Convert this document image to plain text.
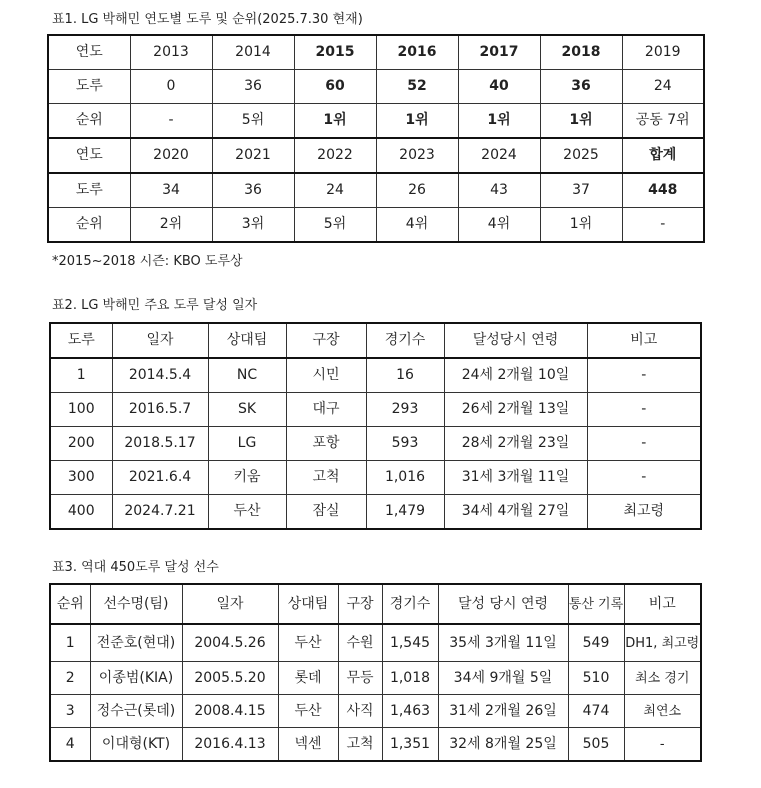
표1. LG 박해민 연도별 도루 및 순위(2025.7.30 현재)
연도	2013	2014	2015	2016	2017	2018	2019
도루	0	36	60	52	40	36	24
순위	-	5위	1위	1위	1위	1위	공동 7위
연도	2020	2021	2022	2023	2024	2025	합계
도루	34	36	24	26	43	37	448
순위	2위	3위	5위	4위	4위	1위	-
*2015~2018 시즌: KBO 도루상
표2. LG 박해민 주요 도루 달성 일자
도루	일자	상대팀	구장	경기수	달성당시 연령	비고
1	2014.5.4	NC	시민	16	24세 2개월 10일	-
100	2016.5.7	SK	대구	293	26세 2개월 13일	-
200	2018.5.17	LG	포항	593	28세 2개월 23일	-
300	2021.6.4	키움	고척	1,016	31세 3개월 11일	-
400	2024.7.21	두산	잠실	1,479	34세 4개월 27일	최고령
표3. 역대 450도루 달성 선수
순위	선수명(팀)	일자	상대팀	구장	경기수	달성 당시 연령	통산 기록	비고
1	전준호(현대)	2004.5.26	두산	수원	1,545	35세 3개월 11일	549	DH1, 최고령
2	이종범(KIA)	2005.5.20	롯데	무등	1,018	34세 9개월 5일	510	최소 경기
3	정수근(롯데)	2008.4.15	두산	사직	1,463	31세 2개월 26일	474	최연소
4	이대형(KT)	2016.4.13	넥센	고척	1,351	32세 8개월 25일	505	-
